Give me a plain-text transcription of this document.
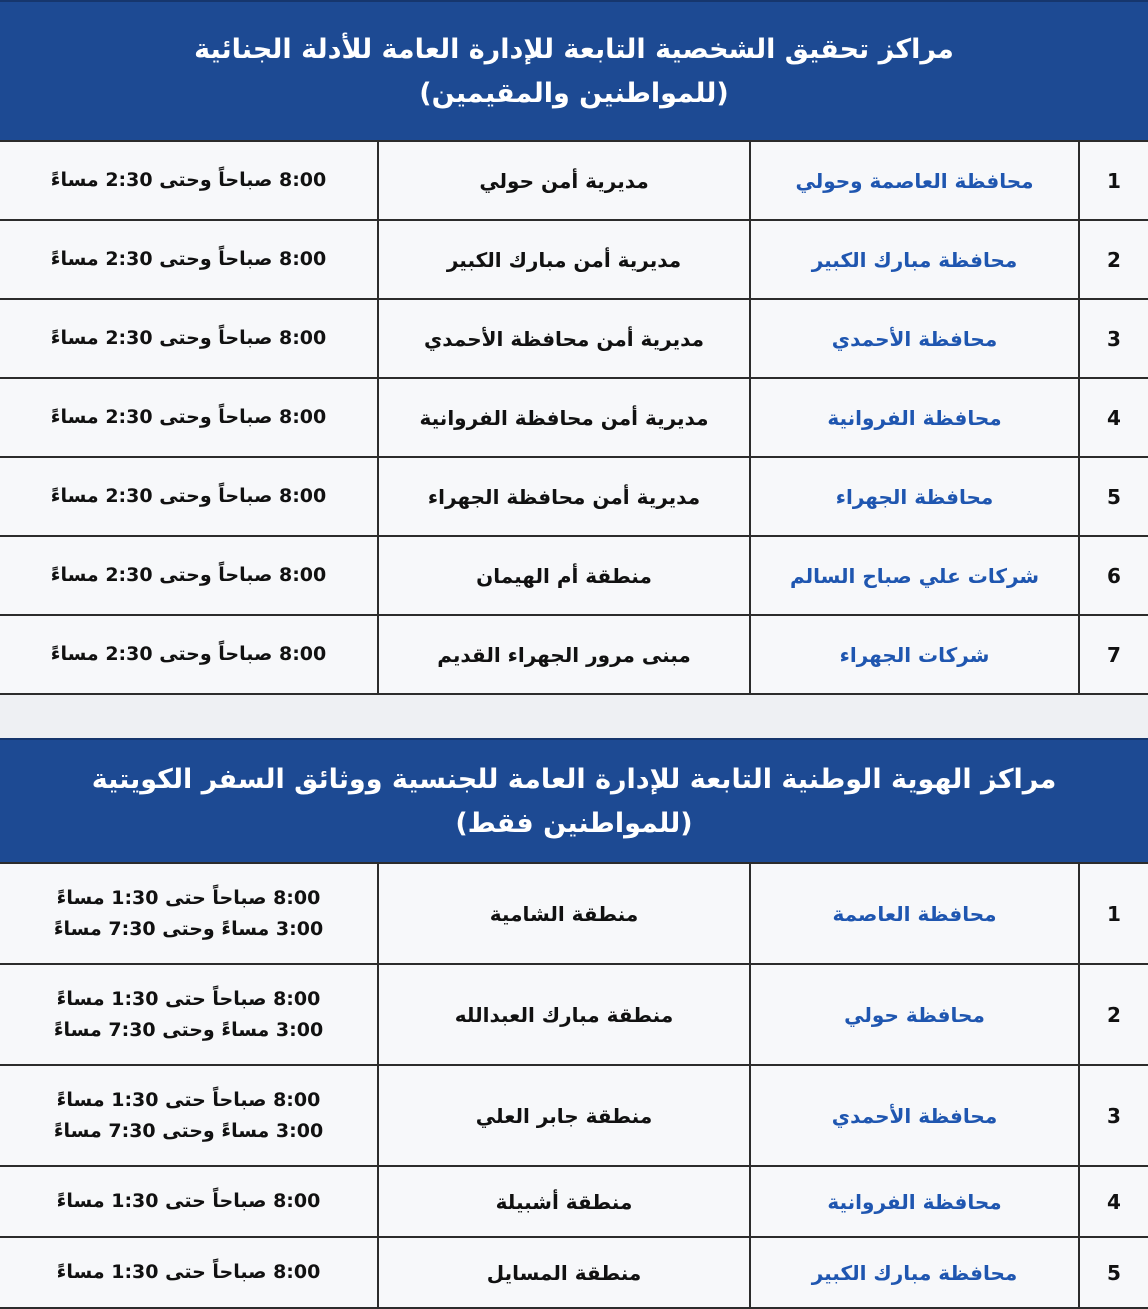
مراكز تحقيق الشخصية التابعة للإدارة العامة للأدلة الجنائية
(للمواطنين والمقيمين)
1
محافظة العاصمة وحولي
مديرية أمن حولي
8:00 صباحاً وحتى 2:30 مساءً
2
محافظة مبارك الكبير
مديرية أمن مبارك الكبير
8:00 صباحاً وحتى 2:30 مساءً
3
محافظة الأحمدي
مديرية أمن محافظة الأحمدي
8:00 صباحاً وحتى 2:30 مساءً
4
محافظة الفروانية
مديرية أمن محافظة الفروانية
8:00 صباحاً وحتى 2:30 مساءً
5
محافظة الجهراء
مديرية أمن محافظة الجهراء
8:00 صباحاً وحتى 2:30 مساءً
6
شركات علي صباح السالم
منطقة أم الهيمان
8:00 صباحاً وحتى 2:30 مساءً
7
شركات الجهراء
مبنى مرور الجهراء القديم
8:00 صباحاً وحتى 2:30 مساءً
مراكز الهوية الوطنية التابعة للإدارة العامة للجنسية ووثائق السفر الكويتية
(للمواطنين فقط)
1
محافظة العاصمة
منطقة الشامية
8:00 صباحاً حتى 1:30 مساءً
3:00 مساءً وحتى 7:30 مساءً
2
محافظة حولي
منطقة مبارك العبدالله
8:00 صباحاً حتى 1:30 مساءً
3:00 مساءً وحتى 7:30 مساءً
3
محافظة الأحمدي
منطقة جابر العلي
8:00 صباحاً حتى 1:30 مساءً
3:00 مساءً وحتى 7:30 مساءً
4
محافظة الفروانية
منطقة أشبيلة
8:00 صباحاً حتى 1:30 مساءً
5
محافظة مبارك الكبير
منطقة المسايل
8:00 صباحاً حتى 1:30 مساءً
